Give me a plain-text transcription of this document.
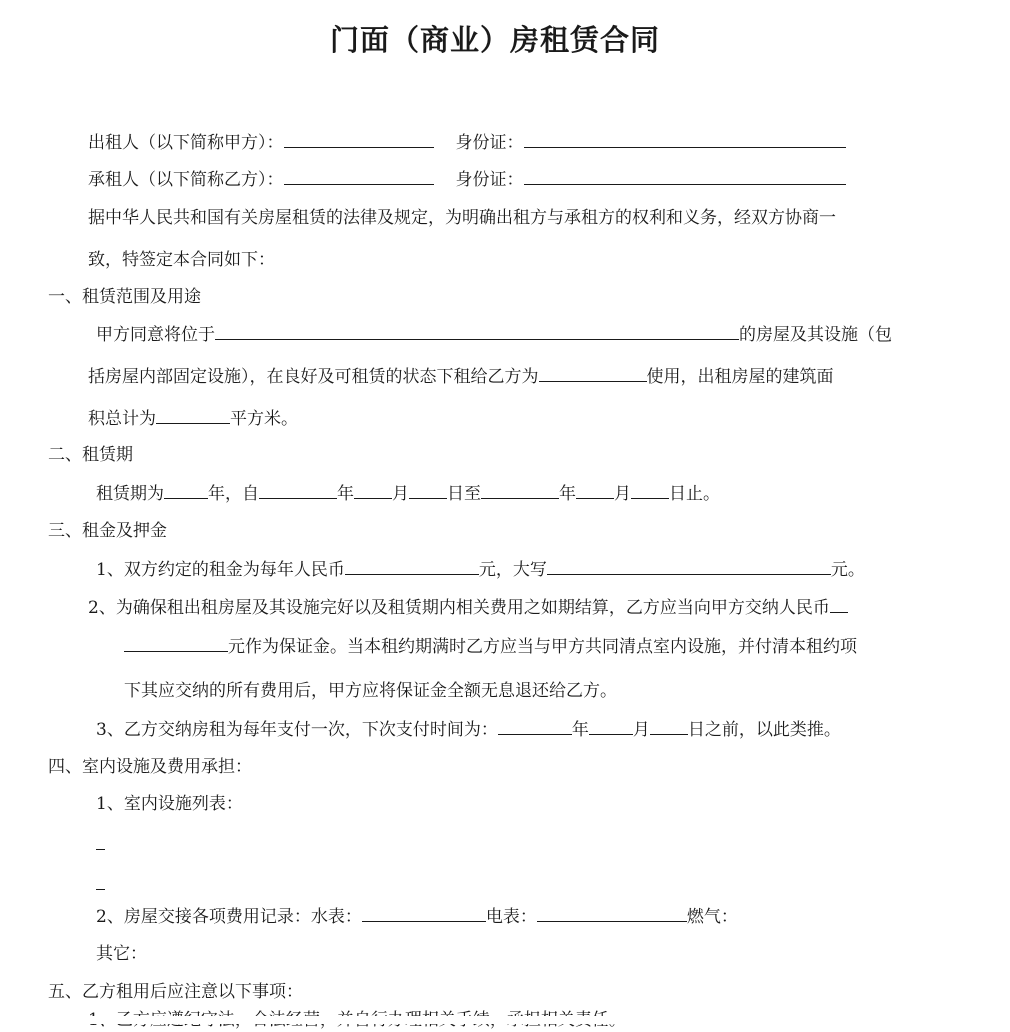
门面（商业）房租赁合同
出租人（以下简称甲方）：	身份证：
承租人（以下简称乙方）：	身份证：
据中华人民共和国有关房屋租赁的法律及规定，为明确出租方与承租方的权利和义务，经双方协商一
致，特签定本合同如下：
一、租赁范围及用途
甲方同意将位于	的房屋及其设施（包
括房屋内部固定设施），在良好及可租赁的状态下租给乙方为	使用，出租房屋的建筑面
积总计为	平方米。
二、租赁期
租赁期为	年，自	年 月 日至	年 月 日止。
三、租金及押金
1、双方约定的租金为每年人民币	元，大写	元。
2、为确保租出租房屋及其设施完好以及租赁期内相关费用之如期结算，乙方应当向甲方交纳人民币
元作为保证金。当本租约期满时乙方应当与甲方共同清点室内设施，并付清本租约项
下其应交纳的所有费用后，甲方应将保证金全额无息退还给乙方。
3、乙方交纳房租为每年支付一次，下次支付时间为：	年	月 日之前，以此类推。
四、室内设施及费用承担：
1、室内设施列表：
2、房屋交接各项费用记录：水表：	电表：	燃气：
其它：
五、乙方租用后应注意以下事项：
